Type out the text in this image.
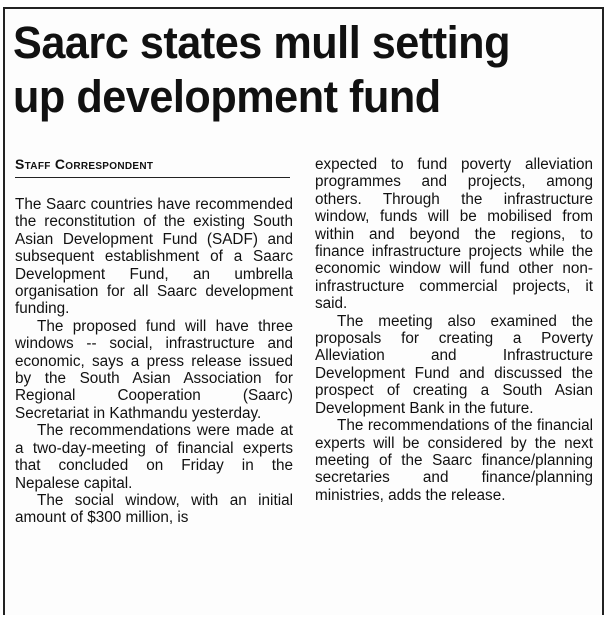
Saarc states mull setting up development fund
Staff Correspondent

The Saarc countries have recommended the reconstitution of the existing South Asian Development Fund (SADF) and subsequent establishment of a Saarc Development Fund, an umbrella organisation for all Saarc development funding.

The proposed fund will have three windows -- social, infrastructure and economic, says a press release issued by the South Asian Association for Regional Cooperation (Saarc) Secretariat in Kathmandu yesterday.

The recommendations were made at a two-day-meeting of financial experts that concluded on Friday in the Nepalese capital.

The social window, with an initial amount of $300 million, is

expected to fund poverty alleviation programmes and projects, among others. Through the infrastructure window, funds will be mobilised from within and beyond the regions, to finance infrastructure projects while the economic window will fund other non-infrastructure commercial projects, it said.

The meeting also examined the proposals for creating a Poverty Alleviation and Infrastructure Development Fund and discussed the prospect of creating a South Asian Development Bank in the future.

The recommendations of the financial experts will be considered by the next meeting of the Saarc finance/planning secretaries and finance/planning ministries, adds the release.
